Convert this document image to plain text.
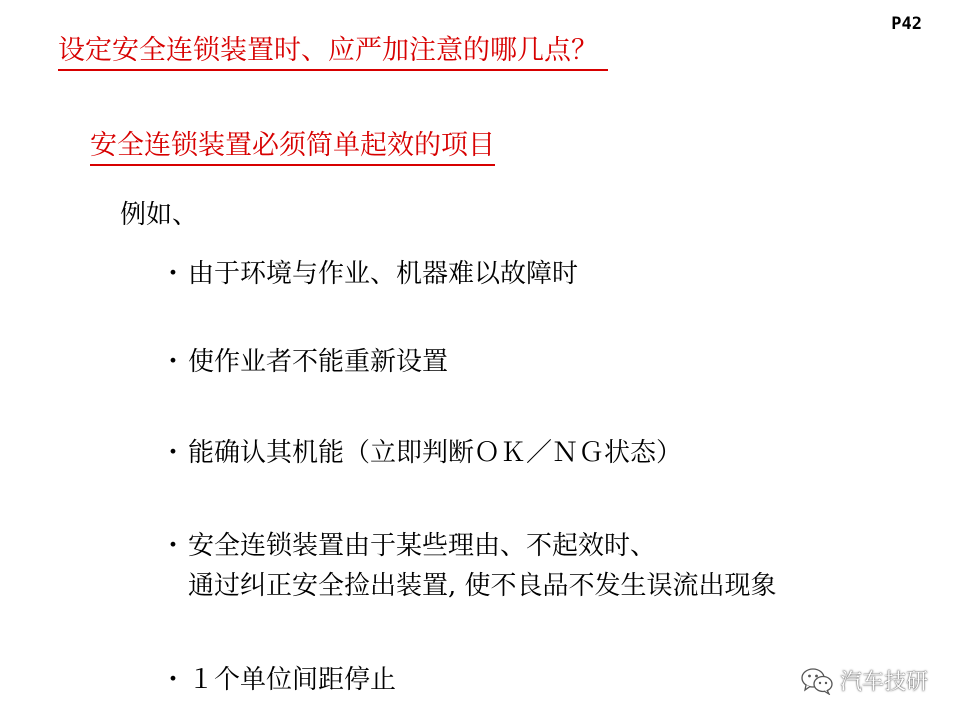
P42
设定安全连锁装置时、应严加注意的哪几点？
安全连锁装置必须简单起效的项目
例如、
・由于环境与作业、机器难以故障时
・使作业者不能重新设置
・能确认其机能（立即判断ＯＫ／ＮＧ状态）
・安全连锁装置由于某些理由、不起效时、
通过纠正安全捡出装置, 使不良品不发生误流出现象
・１个单位间距停止	汽车技研
